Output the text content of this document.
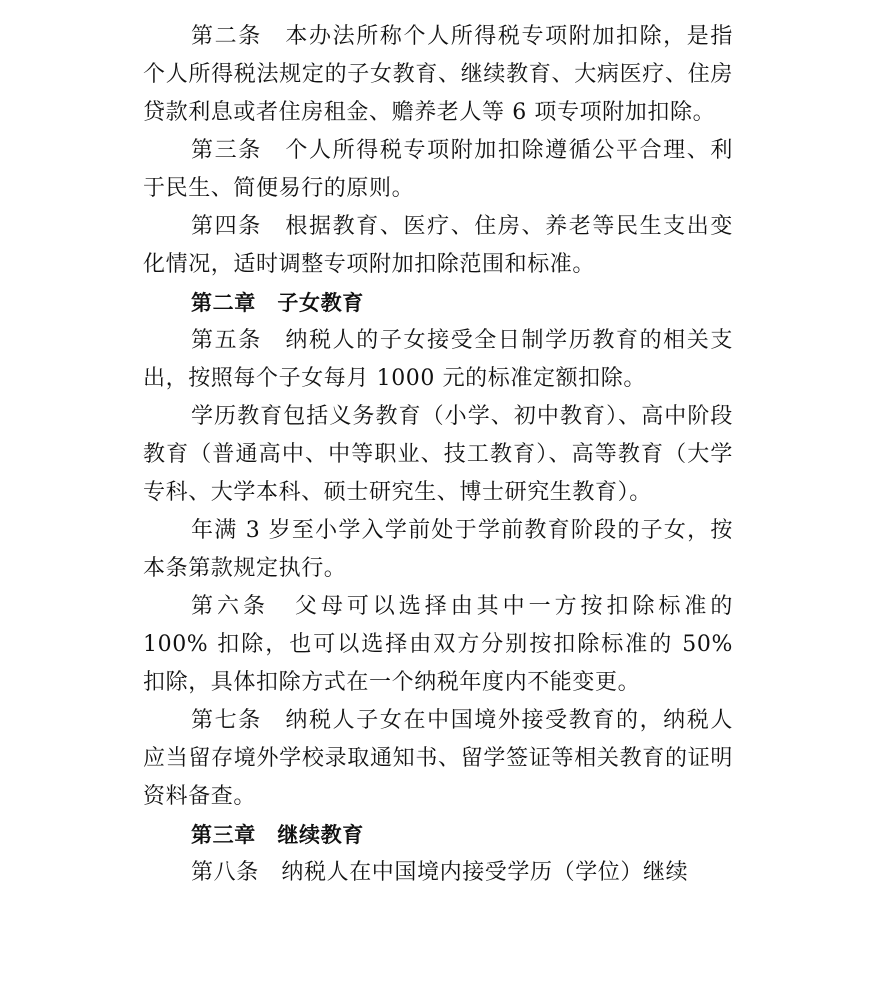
第二条　本办法所称个人所得税专项附加扣除，是指个人所得税法规定的子女教育、继续教育、大病医疗、住房贷款利息或者住房租金、赡养老人等 6 项专项附加扣除。

第三条　个人所得税专项附加扣除遵循公平合理、利于民生、简便易行的原则。

第四条　根据教育、医疗、住房、养老等民生支出变化情况，适时调整专项附加扣除范围和标准。

第二章　子女教育

第五条　纳税人的子女接受全日制学历教育的相关支出，按照每个子女每月 1000 元的标准定额扣除。

学历教育包括义务教育（小学、初中教育）、高中阶段教育（普通高中、中等职业、技工教育）、高等教育（大学专科、大学本科、硕士研究生、博士研究生教育）。

年满 3 岁至小学入学前处于学前教育阶段的子女，按本条第款规定执行。

第六条　父母可以选择由其中一方按扣除标准的 100% 扣除，也可以选择由双方分别按扣除标准的 50% 扣除，具体扣除方式在一个纳税年度内不能变更。

第七条　纳税人子女在中国境外接受教育的，纳税人应当留存境外学校录取通知书、留学签证等相关教育的证明资料备查。

第三章　继续教育

第八条　纳税人在中国境内接受学历（学位）继续
